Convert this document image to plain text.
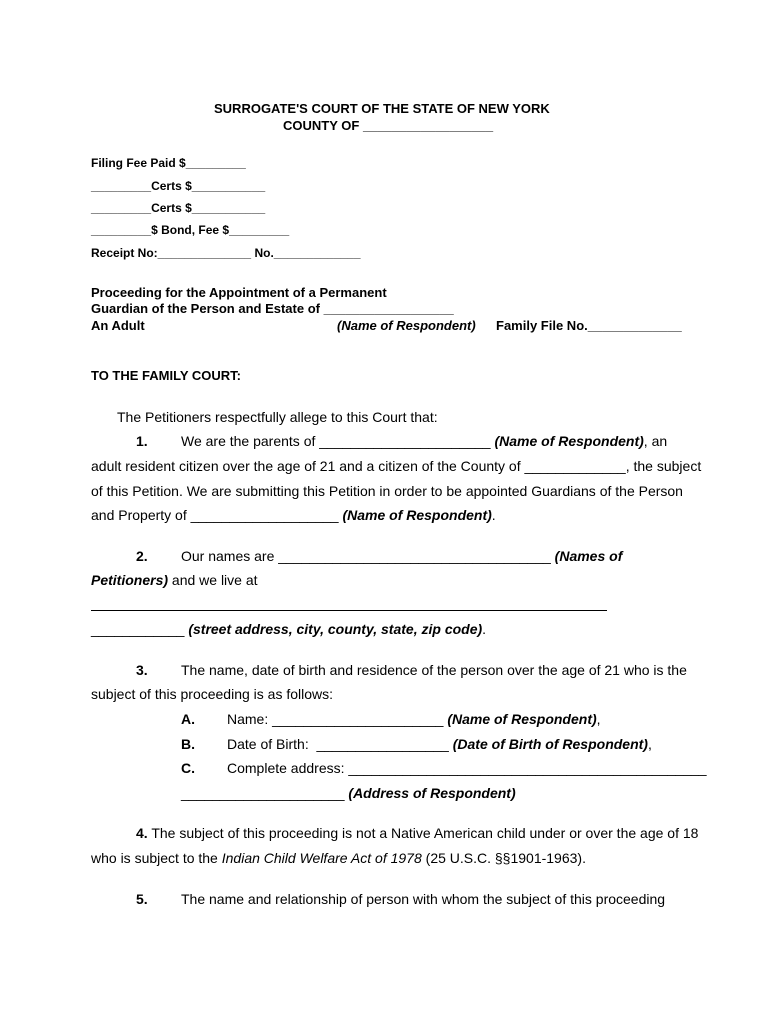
SURROGATE'S COURT OF THE STATE OF NEW YORK
COUNTY OF __________________
Filing Fee Paid $_________
_________Certs $___________
_________Certs $___________
_________$ Bond, Fee $_________
Receipt No:______________ No._____________
Proceeding for the Appointment of a Permanent
Guardian of the Person and Estate of __________________
An Adult	(Name of Respondent) Family File No._____________
TO THE FAMILY COURT:
The Petitioners respectfully allege to this Court that:
1. We are the parents of ______________________ (Name of Respondent), an
adult resident citizen over the age of 21 and a citizen of the County of _____________, the subject
of this Petition. We are submitting this Petition in order to be appointed Guardians of the Person
and Property of ___________________ (Name of Respondent).
2. Our names are ___________________________________ (Names of
Petitioners) and we live at
____________ (street address, city, county, state, zip code).
3. The name, date of birth and residence of the person over the age of 21 who is the
subject of this proceeding is as follows:
A. Name: ______________________ (Name of Respondent),
B. Date of Birth:  _________________ (Date of Birth of Respondent),
C. Complete address: ______________________________________________
_____________________ (Address of Respondent)
4. The subject of this proceeding is not a Native American child under or over the age of 18
who is subject to the Indian Child Welfare Act of 1978 (25 U.S.C. §§1901-1963).
5. The name and relationship of person with whom the subject of this proceeding
